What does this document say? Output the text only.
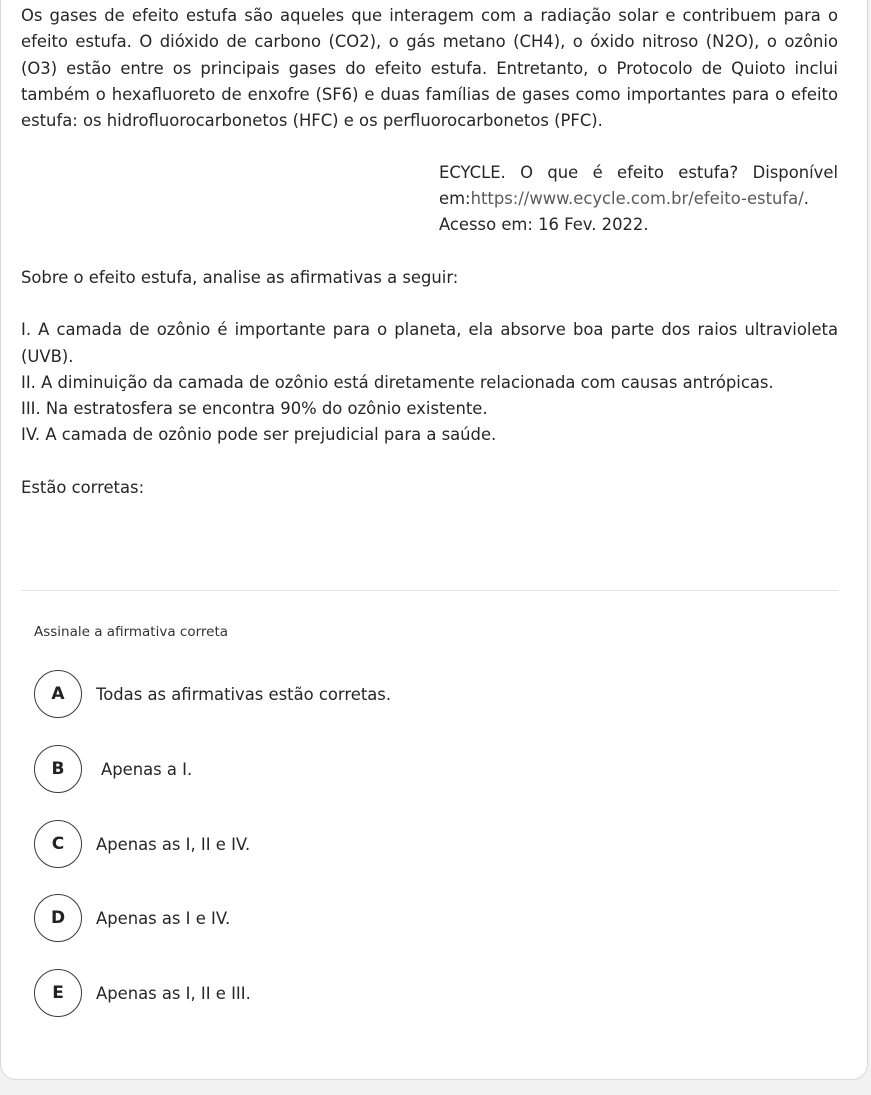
Os gases de efeito estufa são aqueles que interagem com a radiação solar e contribuem para o efeito estufa. O dióxido de carbono (CO2), o gás metano (CH4), o óxido nitroso (N2O), o ozônio (O3) estão entre os principais gases do efeito estufa. Entretanto, o Protocolo de Quioto inclui também o hexafluoreto de enxofre (SF6) e duas famílias de gases como importantes para o efeito estufa: os hidrofluorocarbonetos (HFC) e os perfluorocarbonetos (PFC).

ECYCLE. O que é efeito estufa? Disponível em:https://www.ecycle.com.br/efeito-estufa/. Acesso em: 16 Fev. 2022.
Sobre o efeito estufa, analise as afirmativas a seguir:
I. A camada de ozônio é importante para o planeta, ela absorve boa parte dos raios ultravioleta (UVB).
II. A diminuição da camada de ozônio está diretamente relacionada com causas antrópicas.
III. Na estratosfera se encontra 90% do ozônio existente.
IV. A camada de ozônio pode ser prejudicial para a saúde.
Estão corretas:
Assinale a afirmativa correta
A	Todas as afirmativas estão corretas.
B	Apenas a I.
C	Apenas as I, II e IV.
D	Apenas as I e IV.
E	Apenas as I, II e III.
